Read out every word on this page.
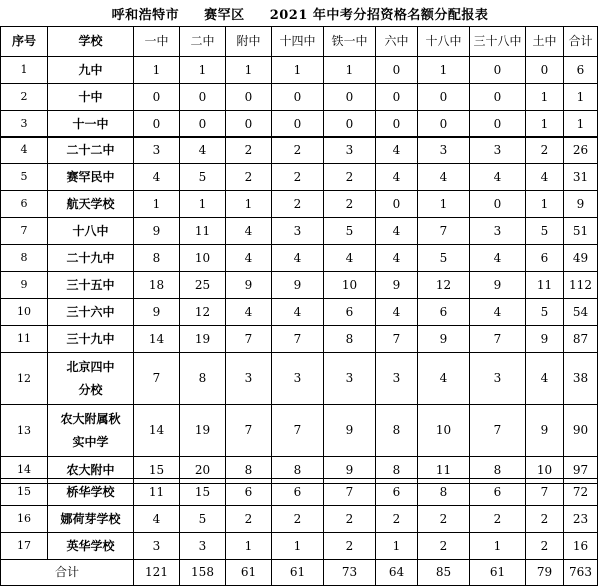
呼和浩特市 赛罕区 2021 年中考分招资格名额分配报表
序号	学校	一中	二中	附中	十四中	铁一中	六中	十八中	三十八中	土中	合计
1	九中	1	1	1	1	1	0	1	0	0	6
2	十中	0	0	0	0	0	0	0	0	1	1
3	十一中	0	0	0	0	0	0	0	0	1	1
4	二十二中	3	4	2	2	3	4	3	3	2	26
5	赛罕民中	4	5	2	2	2	4	4	4	4	31
6	航天学校	1	1	1	2	2	0	1	0	1	9
7	十八中	9	11	4	3	5	4	7	3	5	51
8	二十九中	8	10	4	4	4	4	5	4	6	49
9	三十五中	18	25	9	9	10	9	12	9	11	112
10	三十六中	9	12	4	4	6	4	6	4	5	54
11	三十九中	14	19	7	7	8	7	9	7	9	87
12	北京四中
分校	7	8	3	3	3	3	4	3	4	38
13	农大附属秋
实中学	14	19	7	7	9	8	10	7	9	90
14	农大附中	15	20	8	8	9	8	11	8	10	97
15	桥华学校	11	15	6	6	7	6	8	6	7	72
16	娜荷芽学校	4	5	2	2	2	2	2	2	2	23
17	英华学校	3	3	1	1	2	1	2	1	2	16
合计		121	158	61	61	73	64	85	61	79	763
